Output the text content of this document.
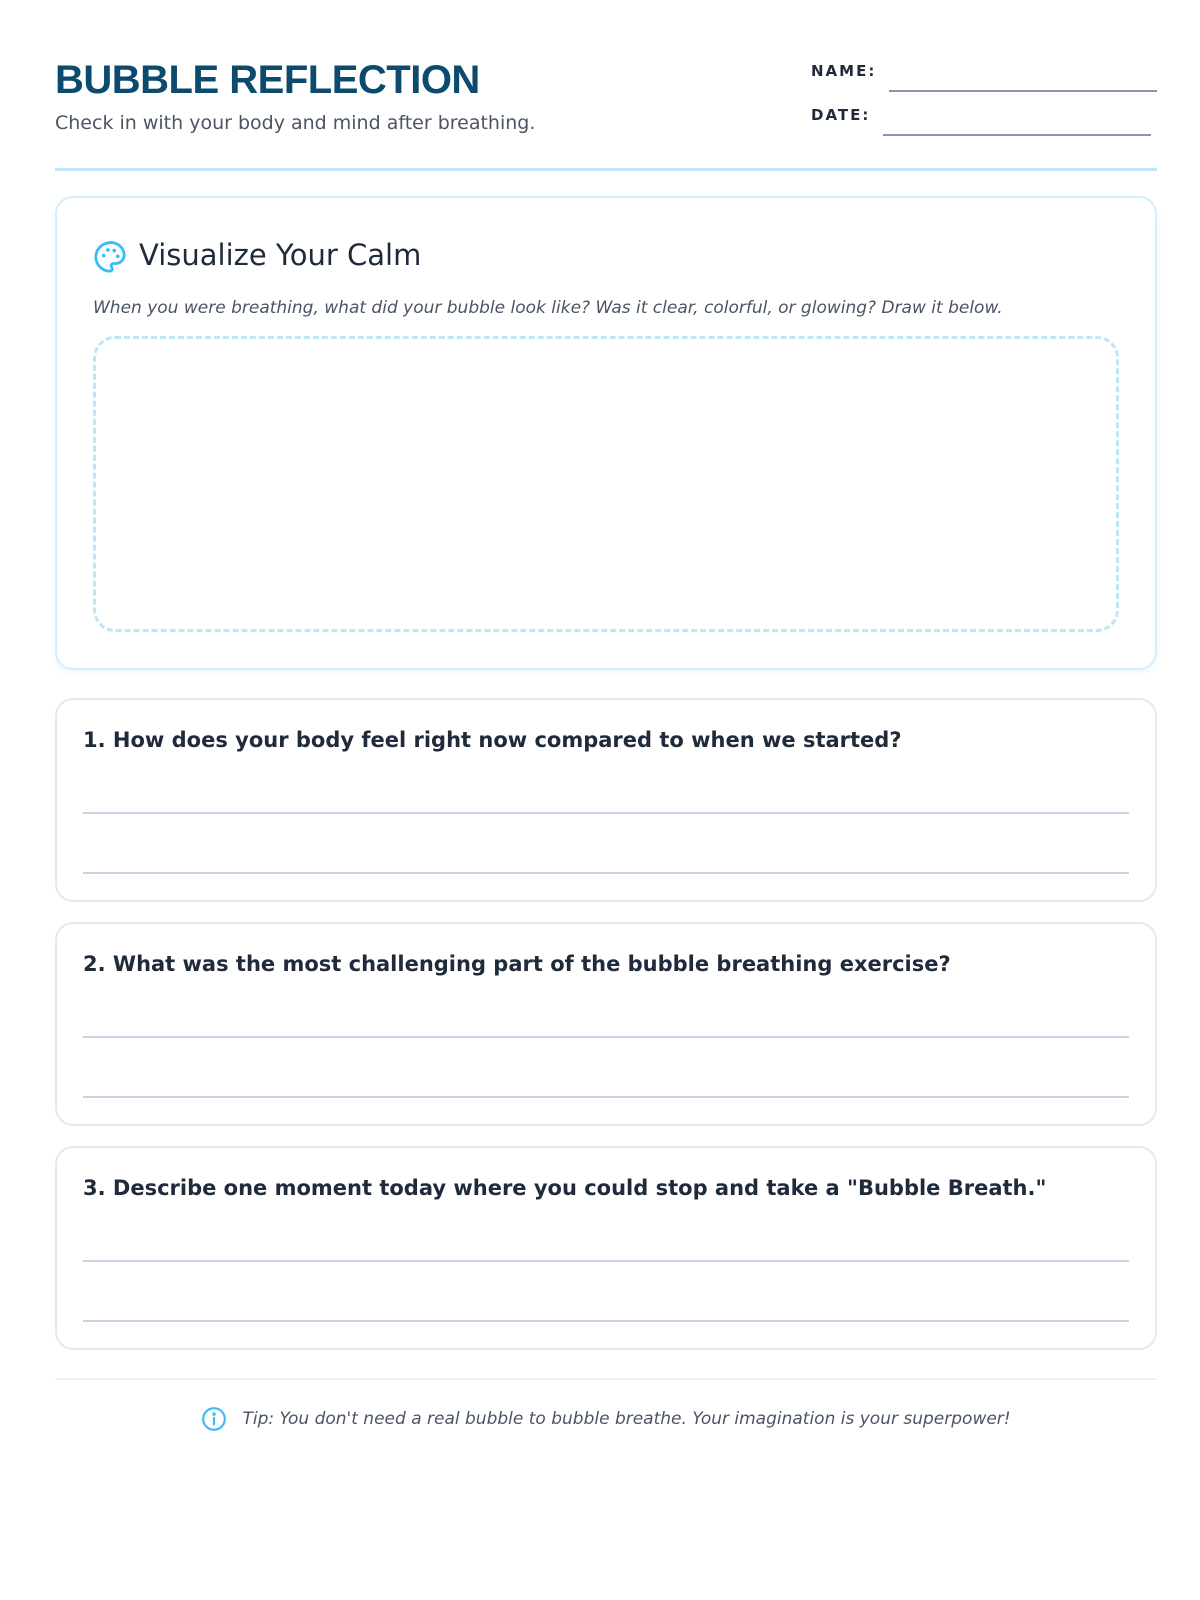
BUBBLE REFLECTION
Check in with your body and mind after breathing.
NAME:
DATE:
Visualize Your Calm
When you were breathing, what did your bubble look like? Was it clear, colorful, or glowing? Draw it below.
1. How does your body feel right now compared to when we started?
2. What was the most challenging part of the bubble breathing exercise?
3. Describe one moment today where you could stop and take a "Bubble Breath."
Tip: You don't need a real bubble to bubble breathe. Your imagination is your superpower!
